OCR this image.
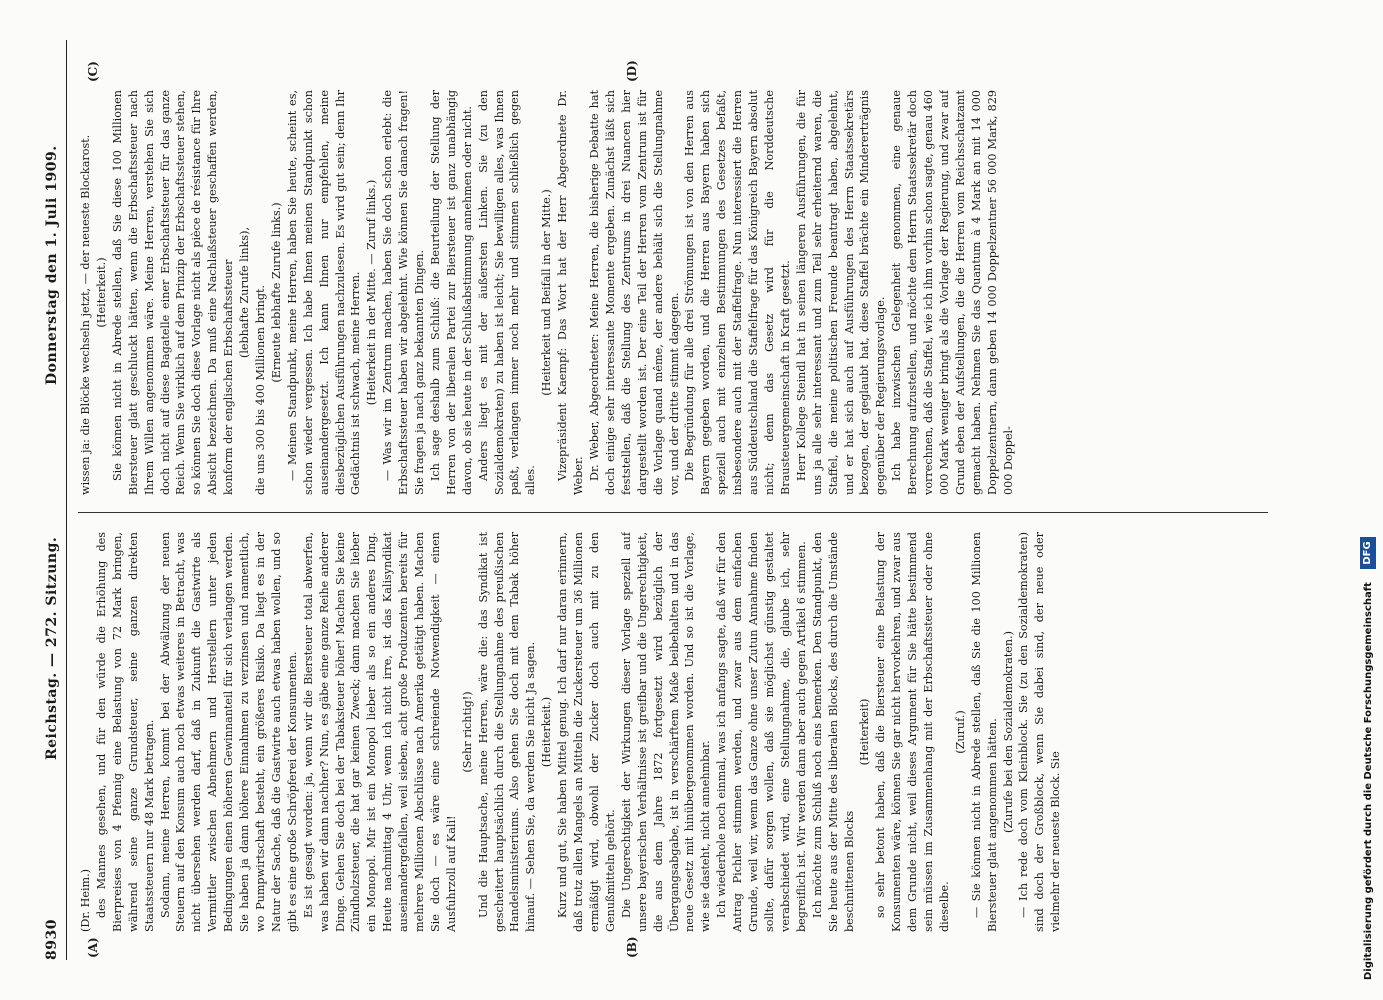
8930
Reichstag. — 272. Sitzung.
Donnerstag den 1. Juli 1909.
(A)	(B)
(C)	(D)

(Dr. Heim.) des Mannes gesehen, und für den würde die Erhöhung des Bierpreises von 4 Pfennig eine Belastung von 72 Mark bringen, während seine ganze Grundsteuer, seine ganzen direkten Staatssteuern nur 48 Mark betragen. Sodann, meine Herren, kommt bei der Abwälzung der neuen Steuern auf den Konsum auch noch etwas weiteres in Betracht, was nicht übersehen werden darf, daß in Zukunft die Gastwirte als Vermittler zwischen Abnehmern und Herstellern unter jeden Bedingungen einen höheren Gewinnanteil für sich verlangen werden. Sie haben ja dann höhere Einnahmen zu verzinsen und namentlich, wo Pumpwirtschaft besteht, ein größeres Risiko. Da liegt es in der Natur der Sache, daß die Gastwirte auch etwas haben wollen, und so gibt es eine große Schröpferei der Konsumenten. Es ist gesagt worden: ja, wenn wir die Biersteuer total abwerfen, was haben wir dann nachher? Nun, es gäbe eine ganze Reihe anderer Dinge. Gehen Sie doch bei der Tabaksteuer höher! Machen Sie keine Zündholzsteuer, die hat gar keinen Zweck; dann machen Sie lieber ein Monopol. Mir ist ein Monopol lieber als so ein anderes Ding. Heute nachmittag 4 Uhr, wenn ich nicht irre, ist das Kalisyndikat auseinandergefallen, weil sieben, acht große Produzenten bereits für mehrere Millionen Abschlüsse nach Amerika getätigt haben. Machen Sie doch — es wäre eine schreiende Notwendigkeit — einen Ausfuhrzoll auf Kali!

(Sehr richtig!) Und die Hauptsache, meine Herren, wäre die: das Syndikat ist gescheitert hauptsächlich durch die Stellungnahme des preußischen Handelsministeriums. Also gehen Sie doch mit dem Tabak höher hinauf. — Sehen Sie, da werden Sie nicht Ja sagen. (Heiterkeit.) Kurz und gut, Sie haben Mittel genug. Ich darf nur daran erinnern, daß trotz allen Mangels an Mitteln die Zuckersteuer um 36 Millionen ermäßigt wird, obwohl der Zucker doch auch mit zu den Genußmitteln gehört. Die Ungerechtigkeit der Wirkungen dieser Vorlage speziell auf unsere bayerischen Verhältnisse ist greifbar und die Ungerechtigkeit, die aus dem Jahre 1872 fortgesetzt wird bezüglich der Übergangsabgabe, ist in verschärftem Maße beibehalten und in das neue Gesetz mit hinübergenommen worden. Und so ist die Vorlage, wie sie dasteht, nicht annehmbar. Ich wiederhole noch einmal, was ich anfangs sagte, daß wir für den Antrag Pichler stimmen werden, und zwar aus dem einfachen Grunde, weil wir, wenn das Ganze ohne unser Zutun Annahme finden sollte, dafür sorgen wollen, daß sie möglichst günstig gestaltet verabschiedet wird, eine Stellungnahme, die, glaube ich, sehr begreiflich ist. Wir werden dann aber auch gegen Artikel 6 stimmen. Ich möchte zum Schluß noch eins bemerken. Den Standpunkt, den Sie heute aus der Mitte des liberalen Blocks, des durch die Umstände beschnittenen Blocks

(Heiterkeit) so sehr betont haben, daß die Biersteuer eine Belastung der Konsumenten wäre, können Sie gar nicht hervorkehren, und zwar aus dem Grunde nicht, weil dieses Argument für Sie hätte bestimmend sein müssen im Zusammenhang mit der Erbschaftssteuer oder ohne dieselbe.

(Zuruf.) — Sie können nicht in Abrede stellen, daß Sie die 100 Millionen Biersteuer glatt angenommen hätten. (Zurufe bei den Sozialdemokraten.) — Ich rede doch vom Kleinblock. Sie (zu den Sozialdemokraten) sind doch der Großblock, wenn Sie dabei sind, der neue oder vielmehr der neueste Block. Sie

wissen ja: die Blöcke wechseln jetzt, — der neueste Blockarost. (Heiterkeit.) Sie können nicht in Abrede stellen, daß Sie diese 100 Millionen Biersteuer glatt geschluckt hätten, wenn die Erbschaftssteuer nach Ihrem Willen angenommen wäre. Meine Herren, verstehen Sie sich doch nicht auf diese Bagatelle einer Erbschaftssteuer für das ganze Reich. Wenn Sie wirklich auf dem Prinzip der Erbschaftssteuer stehen, so können Sie doch diese Vorlage nicht als pièce de résistance für Ihre Absicht bezeichnen. Da muß eine Nachlaßsteuer geschaffen werden, konform der englischen Erbschaftssteuer (lebhafte Zurufe links), die uns 300 bis 400 Millionen bringt. (Erneute lebhafte Zurufe links.) — Meinen Standpunkt, meine Herren, haben Sie heute, scheint es, schon wieder vergessen. Ich habe Ihnen meinen Standpunkt schon auseinandergesetzt. Ich kann Ihnen nur empfehlen, meine diesbezüglichen Ausführungen nachzulesen. Es wird gut sein; denn Ihr Gedächtnis ist schwach, meine Herren. (Heiterkeit in der Mitte. — Zuruf links.) — Was wir im Zentrum machen, haben Sie doch schon erlebt: die Erbschaftssteuer haben wir abgelehnt. Wie können Sie danach fragen! Sie fragen ja nach ganz bekannten Dingen. Ich sage deshalb zum Schluß: die Beurteilung der Stellung der Herren von der liberalen Partei zur Biersteuer ist ganz unabhängig davon, ob sie heute in der Schlußabstimmung annehmen oder nicht. Anders liegt es mit der äußersten Linken. Sie (zu den Sozialdemokraten) zu haben ist leicht; Sie bewilligen alles, was Ihnen paßt, verlangen immer noch mehr und stimmen schließlich gegen alles.

(Heiterkeit und Beifall in der Mitte.) Vizepräsident Kaempf: Das Wort hat der Herr Abgeordnete Dr. Weber. Dr. Weber, Abgeordneter: Meine Herren, die bisherige Debatte hat doch einige sehr interessante Momente ergeben. Zunächst läßt sich feststellen, daß die Stellung des Zentrums in drei Nuancen hier dargestellt worden ist. Der eine Teil der Herren vom Zentrum ist für die Vorlage quand même, der andere behält sich die Stellungnahme vor, und der dritte stimmt dagegen. Die Begründung für alle drei Strömungen ist von den Herren aus Bayern gegeben worden, und die Herren aus Bayern haben sich speziell auch mit einzelnen Bestimmungen des Gesetzes befaßt, insbesondere auch mit der Staffelfrage. Nun interessiert die Herren aus Süddeutschland die Staffelfrage für das Königreich Bayern absolut nicht; denn das Gesetz wird für die Norddeutsche Brausteuergemeinschaft in Kraft gesetzt. Herr Kollege Steindl hat in seinen längeren Ausführungen, die für uns ja alle sehr interessant und zum Teil sehr erheiternd waren, die Staffel, die meine politischen Freunde beantragt haben, abgelehnt, und er hat sich auch auf Ausführungen des Herrn Staatssekretärs bezogen, der geglaubt hat, diese Staffel brächte ein Mindererträgnis gegenüber der Regierungsvorlage. Ich habe inzwischen Gelegenheit genommen, eine genaue Berechnung aufzustellen, und möchte dem Herrn Staatssekretär doch vorrechnen, daß die Staffel, wie ich ihm vorhin schon sagte, genau 460 000 Mark weniger bringt als die Vorlage der Regierung, und zwar auf Grund eben der Aufstellungen, die die Herren vom Reichsschatzamt gemacht haben. Nehmen Sie das Quantum à 4 Mark an mit 14 000 Doppelzentnern, dann geben 14 000 Doppelzentner 56 000 Mark, 829 000 Doppel-

Digitalisierung gefördert durch die Deutsche Forschungsgemeinschaft DFG
